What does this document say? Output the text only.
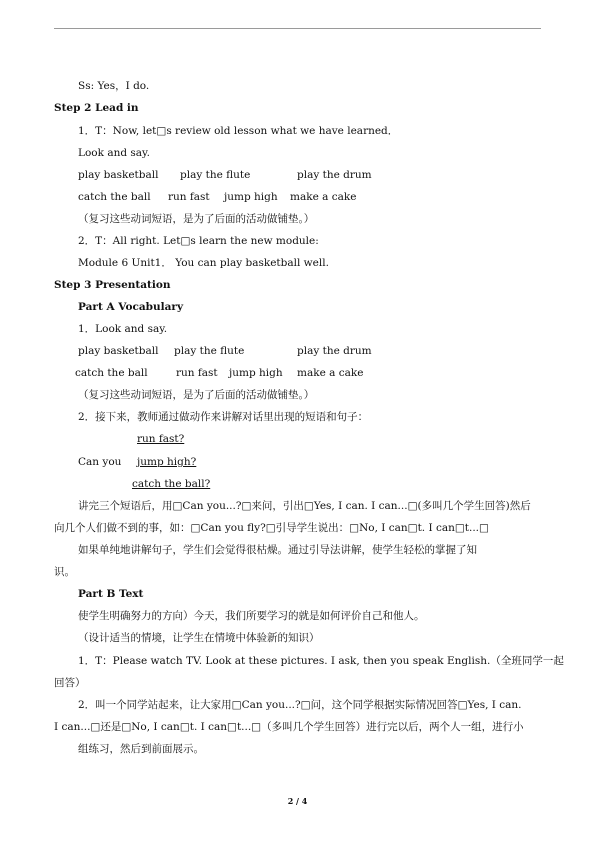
Ss: Yes，I do.
Step 2 Lead in
1．T：Now, let□s review old lesson what we have learned．
Look and say.
play basketball play the flute	play the drum
catch the ball run fast jump high make a cake
（复习这些动词短语，是为了后面的活动做铺垫。）
2．T：All right. Let□s learn the new module:
Module 6 Unit1． You can play basketball well.
Step 3 Presentation
Part A Vocabulary
1．Look and say.
play basketball play the flute	play the drum
catch the ball	run fast jump high make a cake
（复习这些动词短语，是为了后面的活动做铺垫。）
2．接下来，教师通过做动作来讲解对话里出现的短语和句子：
run fast?
Can you jump high?
catch the ball?
讲完三个短语后，用□Can you...?□来问，引出□Yes, I can. I can...□(多叫几个学生回答)然后
向几个人们做不到的事，如：□Can you fly?□引导学生说出：□No, I can□t. I can□t...□
如果单纯地讲解句子，学生们会觉得很枯燥。通过引导法讲解，使学生轻松的掌握了知
识。
Part B Text
使学生明确努力的方向）今天，我们所要学习的就是如何评价自己和他人。
（设计适当的情境，让学生在情境中体验新的知识）
1．T：Please watch TV. Look at these pictures. I ask, then you speak English.（全班同学一起
回答）
2．叫一个同学站起来，让大家用□Can you...?□问，这个同学根据实际情况回答□Yes, I can.
I can...□还是□No, I can□t. I can□t...□（多叫几个学生回答）进行完以后，两个人一组，进行小
组练习，然后到前面展示。
2 / 4
